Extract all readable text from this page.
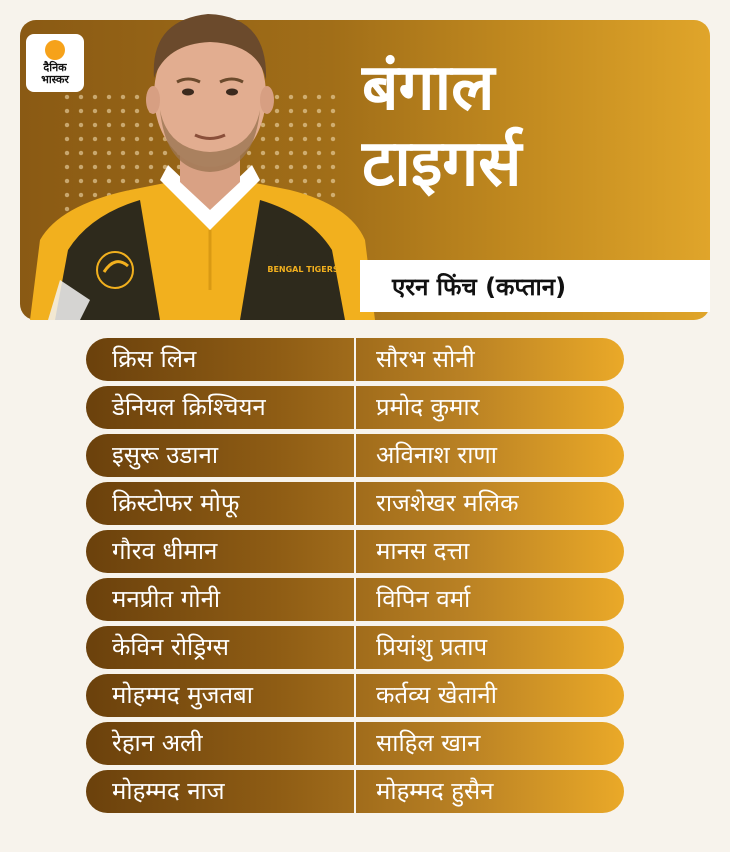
दैनिक
भास्कर
BENGAL TIGERS
बंगाल
टाइगर्स
एरन फिंच (कप्तान)
क्रिस लिन	सौरभ सोनी
डेनियल क्रिश्चियन	प्रमोद कुमार
इसुरू उडाना	अविनाश राणा
क्रिस्टोफर मोफू	राजशेखर मलिक
गौरव धीमान	मानस दत्ता
मनप्रीत गोनी	विपिन वर्मा
केविन रोड्रिग्स	प्रियांशु प्रताप
मोहम्मद मुजतबा	कर्तव्य खेतानी
रेहान अली	साहिल खान
मोहम्मद नाज	मोहम्मद हुसैन
